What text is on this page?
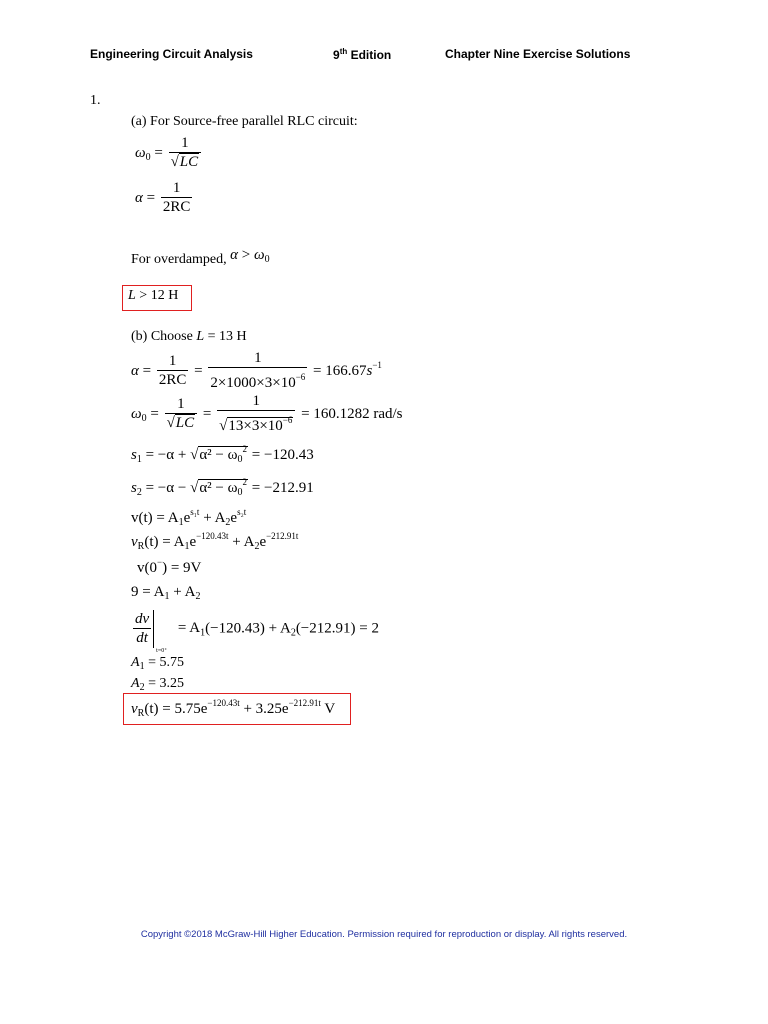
Engineering Circuit Analysis	9th Edition	Chapter Nine Exercise Solutions
1.
(a) For Source-free parallel RLC circuit:
$\omega_0 = \frac{1}{√LC}$
$\alpha = \frac{1}{2RC}$
For overdamped, $\alpha > \omega_0$
L > 12 H
(b) Choose L = 13 H
$\alpha = \frac{1}{2RC} = \frac{1}{2\times 1000\times 3\times 10^{-6}} = 166.67s^{-1}$
$\omega_0 = \frac{1}{√LC} = \frac{1}{√13\times 3\times 10^{-6}} = 160.1282$ rad/s
$s_1 = -\alpha + √\alpha^2 - \omega_0^2 = -120.43$
$s_2 = -\alpha - √\alpha^2 - \omega_0^2 = -212.91$
$v(t) = A_1e^{s_1t} + A_2e^{s_2t}$
$v_R(t) = A_1e^{-120.43t} + A_2e^{-212.91t}$
v(0−) = 9V
$9 = A_1 + A_2$
$\frac{dv}{dt}$
t=0⁺
= $A_1(-120.43) + A_2(-212.91) = 2$
$A_1 = 5.75$
$A_2 = 3.25$
$v_R(t) = 5.75e^{-120.43t} + 3.25e^{-212.91t}$ V
Copyright ©2018 McGraw-Hill Higher Education. Permission required for reproduction or display. All rights reserved.
